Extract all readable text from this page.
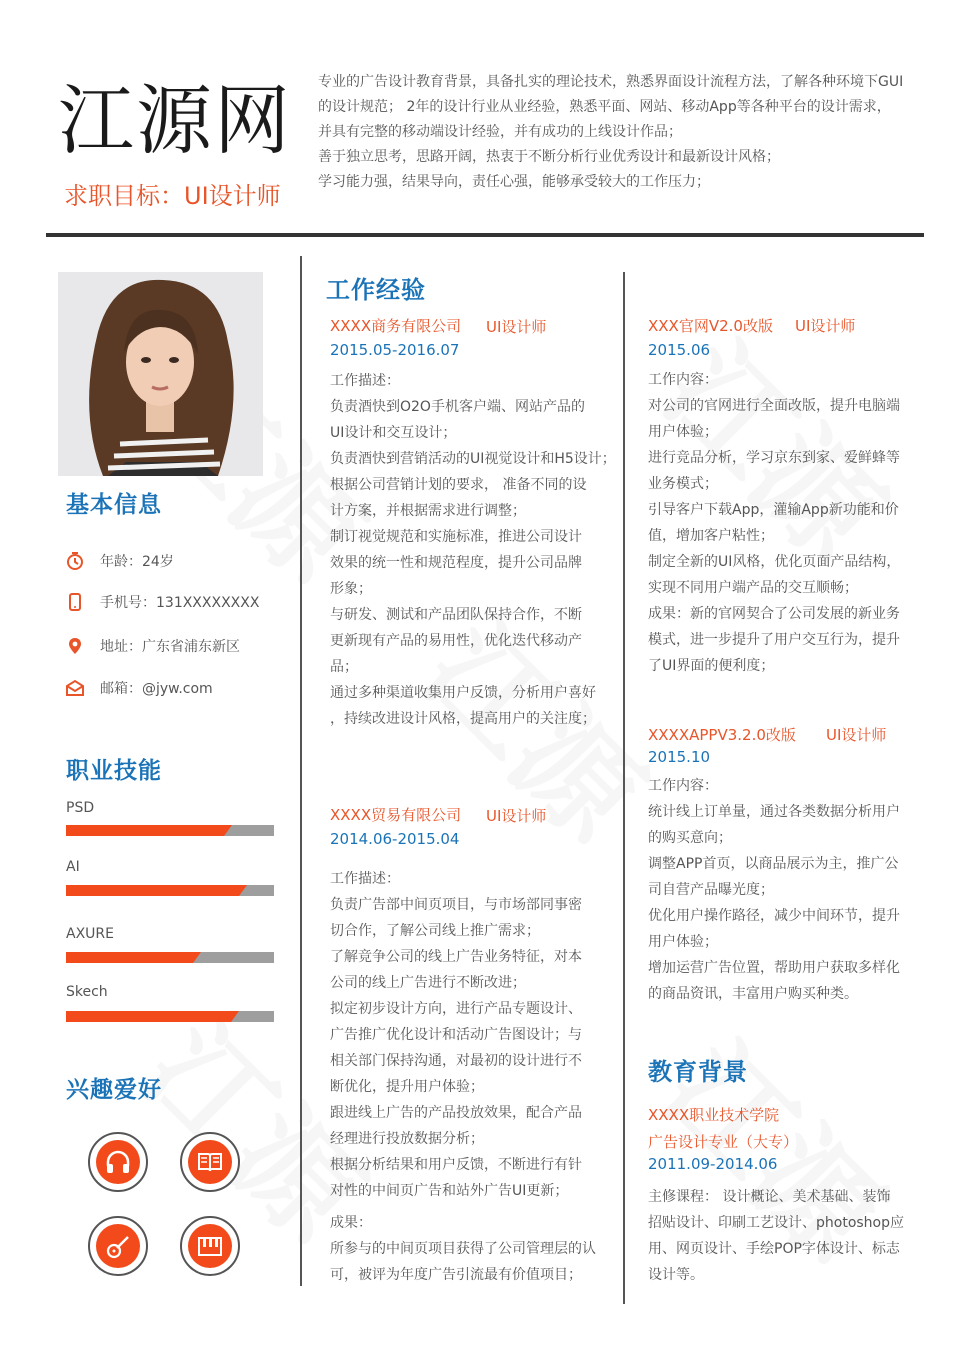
江源网
求职目标：UI设计师
专业的广告设计教育背景，具备扎实的理论技术，熟悉界面设计流程方法，了解各种环境下GUI
的设计规范； 2年的设计行业从业经验，熟悉平面、网站、移动App等各种平台的设计需求，
并具有完整的移动端设计经验，并有成功的上线设计作品；
善于独立思考，思路开阔，热衷于不断分析行业优秀设计和最新设计风格；
学习能力强，结果导向，责任心强，能够承受较大的工作压力；
基本信息
年龄：24岁
手机号：131XXXXXXXX
地址：广东省浦东新区
邮箱：@jyw.com
职业技能
PSD
AI
AXURE
Skech
兴趣爱好
工作经验
XXXX商务有限公司 UI设计师
2015.05-2016.07
工作描述：
负责酒快到O2O手机客户端、网站产品的
UI设计和交互设计；
负责酒快到营销活动的UI视觉设计和H5设计；
根据公司营销计划的要求， 准备不同的设
计方案，并根据需求进行调整；
制订视觉规范和实施标准，推进公司设计
效果的统一性和规范程度，提升公司品牌
形象；
与研发、测试和产品团队保持合作，不断
更新现有产品的易用性，优化迭代移动产
品；
通过多种渠道收集用户反馈，分析用户喜好
，持续改进设计风格，提高用户的关注度；
XXXX贸易有限公司 UI设计师
2014.06-2015.04
工作描述：
负责广告部中间页项目，与市场部同事密
切合作，了解公司线上推广需求；
了解竞争公司的线上广告业务特征，对本
公司的线上广告进行不断改进；
拟定初步设计方向，进行产品专题设计、
广告推广优化设计和活动广告图设计；与
相关部门保持沟通，对最初的设计进行不
断优化，提升用户体验；
跟进线上广告的产品投放效果，配合产品
经理进行投放数据分析；
根据分析结果和用户反馈，不断进行有针
对性的中间页广告和站外广告UI更新；
成果：
所参与的中间页项目获得了公司管理层的认
可，被评为年度广告引流最有价值项目；
XXX官网V2.0改版 UI设计师
2015.06
工作内容：
对公司的官网进行全面改版，提升电脑端
用户体验；
进行竞品分析，学习京东到家、爱鲜蜂等
业务模式；
引导客户下载App，灌输App新功能和价
值，增加客户粘性；
制定全新的UI风格，优化页面产品结构，
实现不同用户端产品的交互顺畅；
成果：新的官网契合了公司发展的新业务
模式，进一步提升了用户交互行为，提升
了UI界面的便利度；
XXXXAPPV3.2.0改版 UI设计师
2015.10
工作内容：
统计线上订单量，通过各类数据分析用户
的购买意向；
调整APP首页，以商品展示为主，推广公
司自营产品曝光度；
优化用户操作路径，减少中间环节，提升
用户体验；
增加运营广告位置，帮助用户获取多样化
的商品资讯，丰富用户购买种类。
教育背景
XXXX职业技术学院
广告设计专业（大专）
2011.09-2014.06
主修课程： 设计概论、美术基础、装饰
招贴设计、印刷工艺设计、photoshop应
用、网页设计、手绘POP字体设计、标志
设计等。
